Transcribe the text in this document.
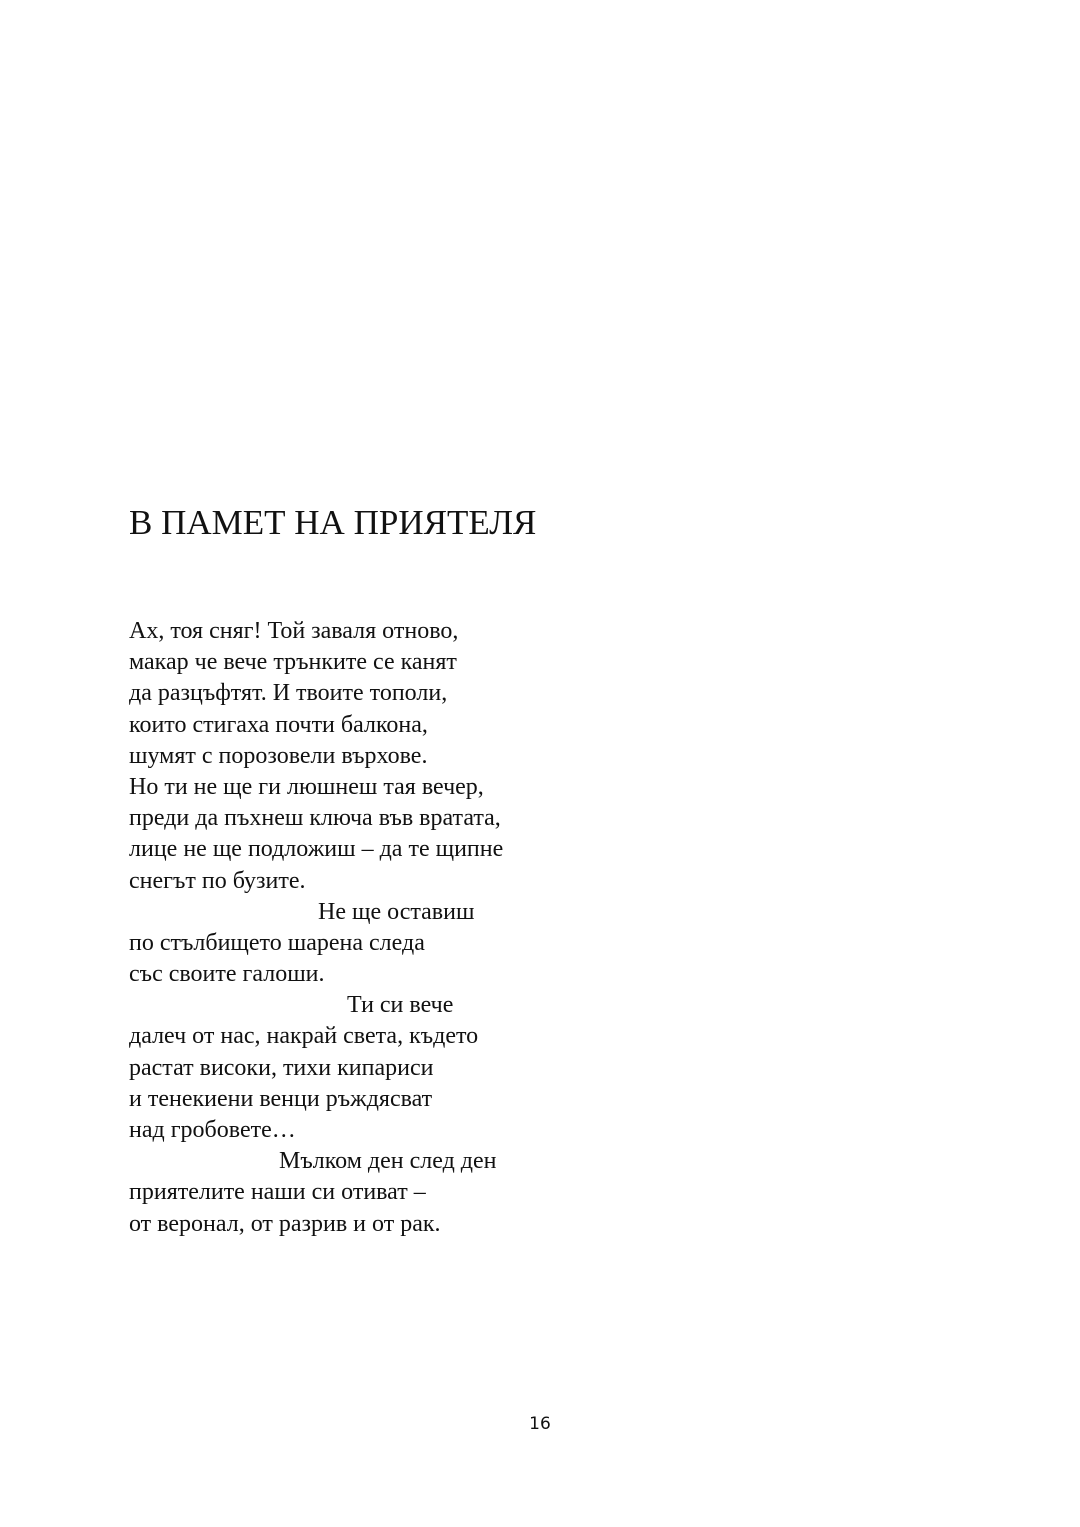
В ПАМЕТ НА ПРИЯТЕЛЯ
Ах, тоя сняг! Той заваля отново,
макар че вече трънките се канят
да разцъфтят. И твоите тополи,
които стигаха почти балкона,
шумят с порозовели върхове.
Но ти не ще ги люшнеш тая вечер,
преди да пъхнеш ключа във вратата,
лице не ще подложиш – да те щипне
снегът по бузите.
Не ще оставиш
по стълбището шарена следа
със своите галоши.
Ти си вече
далеч от нас, накрай света, където
растат високи, тихи кипариси
и тенекиени венци ръждясват
над гробовете…
Мълком ден след ден
приятелите наши си отиват –
от веронал, от разрив и от рак.
16
